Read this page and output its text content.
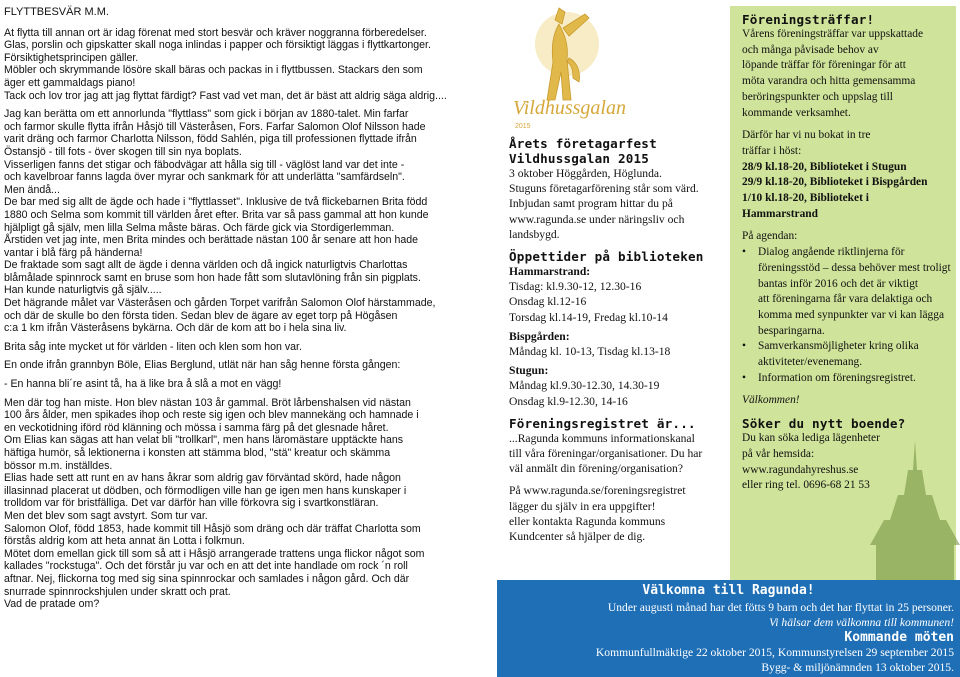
FLYTTBESVÄR M.M.

At flytta till annan ort är idag förenat med stort besvär och kräver noggranna förberedelser.

Glas, porslin och gipskatter skall nogа inlindas i papper och försiktigt läggas i flyttkartonger.

Försiktighetsprincipen gäller.

Möbler och skrymmande lösöre skall bäras och packas in i flyttbussen. Stackars den som

äger ett gammaldags piano!

Tack och lov tror jag att jag flyttat färdigt? Fast vad vet man, det är bäst att aldrig säga aldrig....

Jag kan berätta om ett annorlunda "flyttlass" som gick i början av 1880-talet. Min farfar

och farmor skulle flytta ifrån Håsjö till Västeråsen, Fors. Farfar Salomon Olof Nilsson hade

varit dräng och farmor Charlotta Nilsson, född Sahlén, piga till professionen flyttade ifrån

Östansjö - till fots - över skogen till sin nya boplats.

Visserligen fanns det stigar och fäbodvägar att hålla sig till - väglöst land var det inte -

och kavelbroar fanns lagda över myrar och sankmark för att underlätta "samfärdseln".

Men ändå...

De bar med sig allt de ägde och hade i "flyttlasset". Inklusive de två flickebarnen Brita född

1880 och Selma som kommit till världen året efter. Brita var så pass gammal att hon kunde

hjälpligt gå själv, men lilla Selma måste bäras. Och färde gick via Stordigerlemman.

Årstiden vet jag inte, men Brita mindes och berättade nästan 100 år senare att hon hade

vantar i blå färg på händerna!

De fraktade som sagt allt de ägde i denna världen och då ingick naturligtvis Charlottas

blåmålade spinnrock samt en bruse som hon hade fått som slutavlöning från sin pigplats.

Han kunde naturligtvis gå själv.....

Det hägrande målet var Västeråsen och gården Torpet varifrån Salomon Olof härstammade,

och där de skulle bo den första tiden. Sedan blev de ägare av eget torp på Högåsen

c:a 1 km ifrån Västeråsens bykärna. Och där de kom att bo i hela sina liv.

Brita såg inte mycket ut för världen - liten och klen som hon var.

En onde ifrån grannbyn Böle, Elias Berglund, utlät när han såg henne första gången:

- En hanna bli´re asint tå, ha ä like bra å slå a mot en vägg!

Men där tog han miste. Hon blev nästan 103 år gammal. Bröt lårbenshalsen vid nästan

100 års ålder, men spikades ihop och reste sig igen och blev mannekäng och hamnade i

en veckotidning iförd röd klänning och mössa i samma färg på det glesnade håret.

Om Elias kan sägas att han velat bli "trollkarl", men hans läromästare upptäckte hans

häftiga humör, så lektionerna i konsten att stämma blod, "stä" kreatur och skämma

bössor m.m. inställdes.

Elias hade sett att runt en av hans åkrar som aldrig gav förväntad skörd, hade någon

illasinnad placerat ut dödben, och förmodligen ville han ge igen men hans kunskaper i

trolldom var för bristfälliga. Det var därför han ville förkovra sig i svartkonstläran.

Men det blev som sagt avstyrt. Som tur var.

Salomon Olof, född 1853, hade kommit till Håsjö som dräng och där träffat Charlotta som

förstås aldrig kom att heta annat än Lotta i folkmun.

Mötet dom emellan gick till som så att i Håsjö arrangerade trattens unga flickor något som

kallades "rockstuga". Och det förstår ju var och en att det inte handlade om rock ´n roll

aftnar. Nej, flickorna tog med sig sina spinnrockar och samlades i någon gård. Och där

snurrade spinnrockshjulen under skratt och prat.

Vad de pratade om?

Vildhussgalan
2015

Årets företagarfest

Vildhussgalan 2015

3 oktober Höggården, Höglunda.

Stuguns företagarförening står som värd.

Inbjudan samt program hittar du på

www.ragunda.se under näringsliv och

landsbygd.

Öppettider på biblioteken

Hammarstrand:

Tisdag: kl.9.30-12, 12.30-16

Onsdag kl.12-16

Torsdag kl.14-19, Fredag kl.10-14

Bispgården:

Måndag kl. 10-13, Tisdag kl.13-18

Stugun:

Måndag kl.9.30-12.30, 14.30-19

Onsdag kl.9-12.30, 14-16

Föreningsregistret är...

...Ragunda kommuns informationskanal

till våra föreningar/organisationer. Du har

väl anmält din förening/organisation?

På www.ragunda.se/foreningsregistret

lägger du själv in era uppgifter!

eller kontakta Ragunda kommuns

Kundcenter så hjälper de dig.

Föreningsträffar!

Vårens föreningsträffar var uppskattade

och många påvisade behov av

löpande träffar för föreningar för att

möta varandra och hitta gemensamma

beröringspunkter och uppslag till

kommande verksamhet.

Därför har vi nu bokat in tre

träffar i höst:

28/9 kl.18-20, Biblioteket i Stugun

29/9 kl.18-20, Biblioteket i Bispgården

1/10 kl.18-20, Biblioteket i

Hammarstrand

På agendan:

• Dialog angående riktlinjerna för

föreningsstöd – dessa behöver mest troligt

bantas inför 2016 och det är viktigt

att föreningarna får vara delaktiga och

komma med synpunkter var vi kan lägga

besparingarna.

• Samverkansmöjligheter kring olika

aktiviteter/evenemang.

• Information om föreningsregistret.

Välkommen!

Söker du nytt boende?

Du kan söka lediga lägenheter

på vår hemsida:

www.ragundahyreshus.se

eller ring tel. 0696-68 21 53

Välkomna till Ragunda!
Under augusti månad har det fötts 9 barn och det har flyttat in 25 personer.
Vi hälsar dem välkomna till kommunen!
Kommande möten
Kommunfullmäktige 22 oktober 2015, Kommunstyrelsen 29 september 2015
Bygg- & miljönämnden 13 oktober 2015.
